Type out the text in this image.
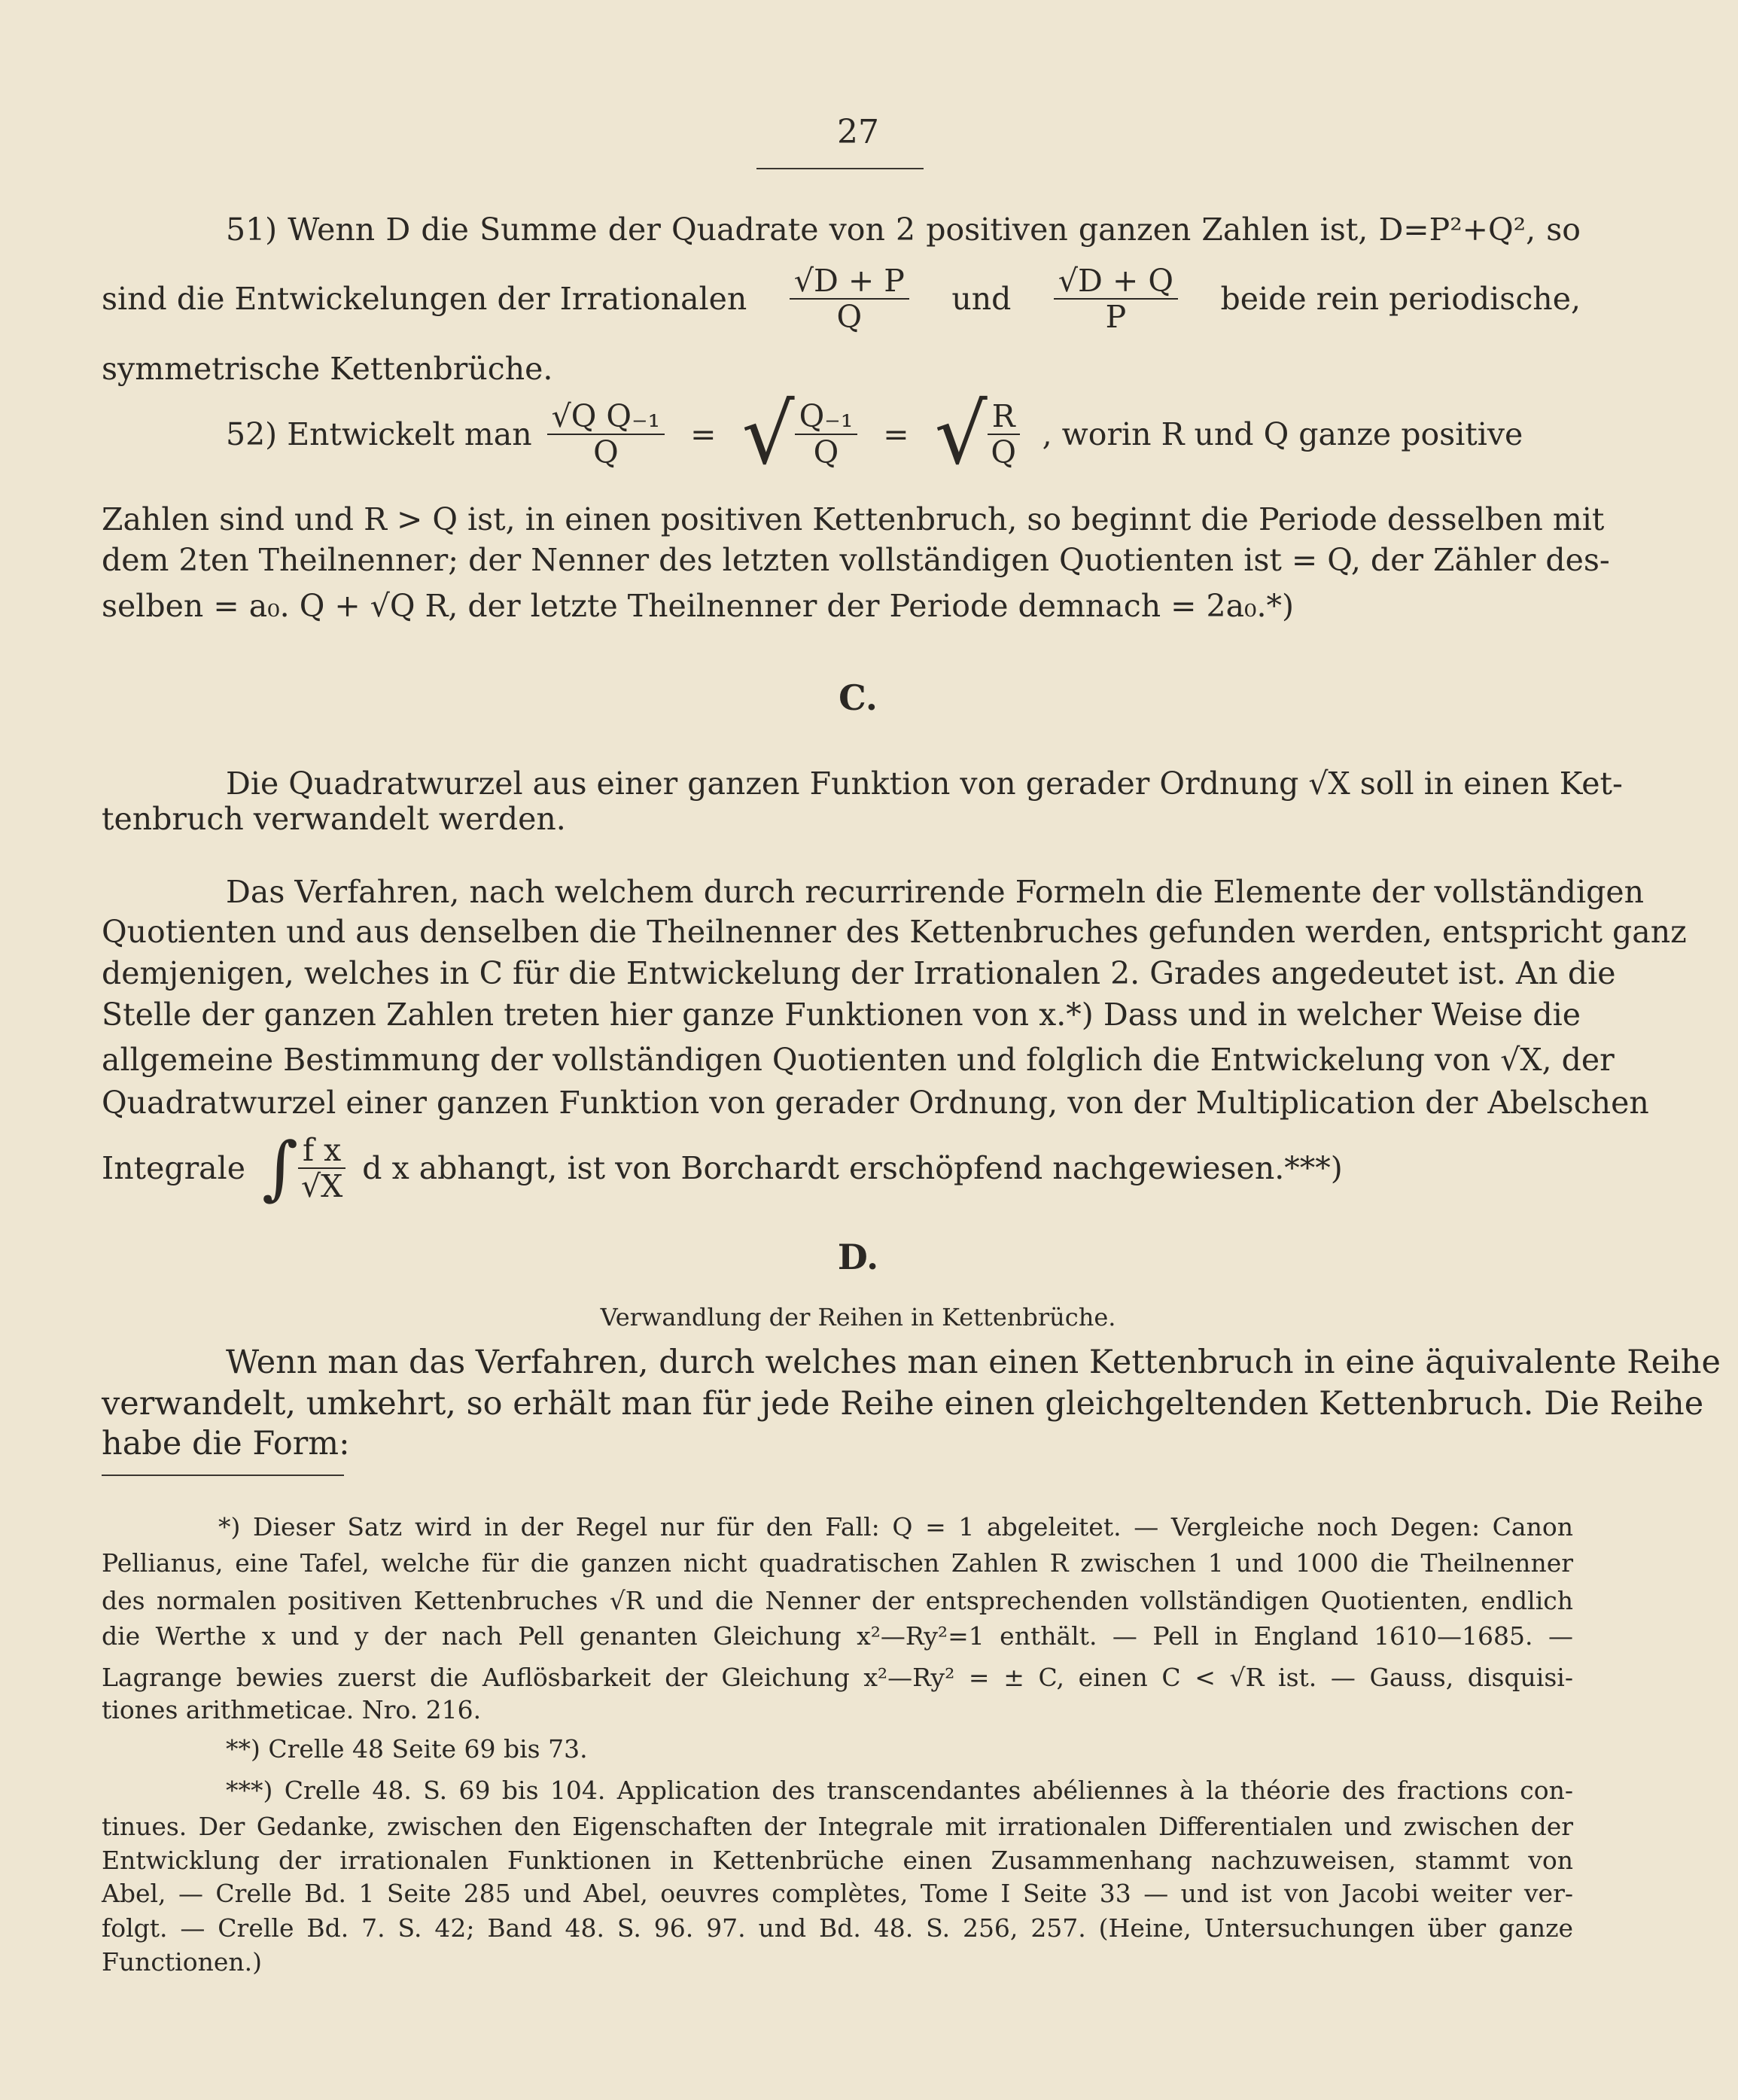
27
51) Wenn D die Summe der Quadrate von 2 positiven ganzen Zahlen ist, D=P²+Q², so
sind die Entwickelungen der Irrationalen $\frac{√D + P}{Q}$ und $\frac{√D + Q}{P}$ beide rein periodische,
symmetrische Kettenbrüche.
52) Entwickelt man $\frac{\text{√Q Q₋₁}}{Q}$ = √ $\frac{\text{Q₋₁}}{Q}$ = √ $\frac{R}{Q}$ , worin R und Q ganze positive
Zahlen sind und R > Q ist, in einen positiven Kettenbruch, so beginnt die Periode desselben mit
dem 2ten Theilnenner; der Nenner des letzten vollständigen Quotienten ist = Q, der Zähler des-
selben = a₀. Q + √Q R, der letzte Theilnenner der Periode demnach = 2a₀.*)
C.
Die Quadratwurzel aus einer ganzen Funktion von gerader Ordnung √X soll in einen Ket-
tenbruch verwandelt werden.
Das Verfahren, nach welchem durch recurrirende Formeln die Elemente der vollständigen
Quotienten und aus denselben die Theilnenner des Kettenbruches gefunden werden, entspricht ganz
demjenigen, welches in C für die Entwickelung der Irrationalen 2. Grades angedeutet ist. An die
Stelle der ganzen Zahlen treten hier ganze Funktionen von x.*) Dass und in welcher Weise die
allgemeine Bestimmung der vollständigen Quotienten und folglich die Entwickelung von √X, der
Quadratwurzel einer ganzen Funktion von gerader Ordnung, von der Multiplication der Abelschen
Integrale ∫ $\frac{\text{f x}}{√X}$ d x abhangt, ist von Borchardt erschöpfend nachgewiesen.***)
D.
Verwandlung der Reihen in Kettenbrüche.
Wenn man das Verfahren, durch welches man einen Kettenbruch in eine äquivalente Reihe
verwandelt, umkehrt, so erhält man für jede Reihe einen gleichgeltenden Kettenbruch. Die Reihe
habe die Form:
*) Dieser Satz wird in der Regel nur für den Fall: Q = 1 abgeleitet. — Vergleiche noch Degen: Canon
Pellianus, eine Tafel, welche für die ganzen nicht quadratischen Zahlen R zwischen 1 und 1000 die Theilnenner
des normalen positiven Kettenbruches √R und die Nenner der entsprechenden vollständigen Quotienten, endlich
die Werthe x und y der nach Pell genanten Gleichung x²—Ry²=1 enthält. — Pell in England 1610—1685. —
Lagrange bewies zuerst die Auflösbarkeit der Gleichung x²—Ry² = ± C, einen C < √R ist. — Gauss, disquisi-
tiones arithmeticae. Nro. 216.
**) Crelle 48 Seite 69 bis 73.
***) Crelle 48. S. 69 bis 104. Application des transcendantes abéliennes à la théorie des fractions con-
tinues. Der Gedanke, zwischen den Eigenschaften der Integrale mit irrationalen Differentialen und zwischen der
Entwicklung der irrationalen Funktionen in Kettenbrüche einen Zusammenhang nachzuweisen, stammt von
Abel, — Crelle Bd. 1 Seite 285 und Abel, oeuvres complètes, Tome I Seite 33 — und ist von Jacobi weiter ver-
folgt. — Crelle Bd. 7. S. 42; Band 48. S. 96. 97. und Bd. 48. S. 256, 257. (Heine, Untersuchungen über ganze
Functionen.)
